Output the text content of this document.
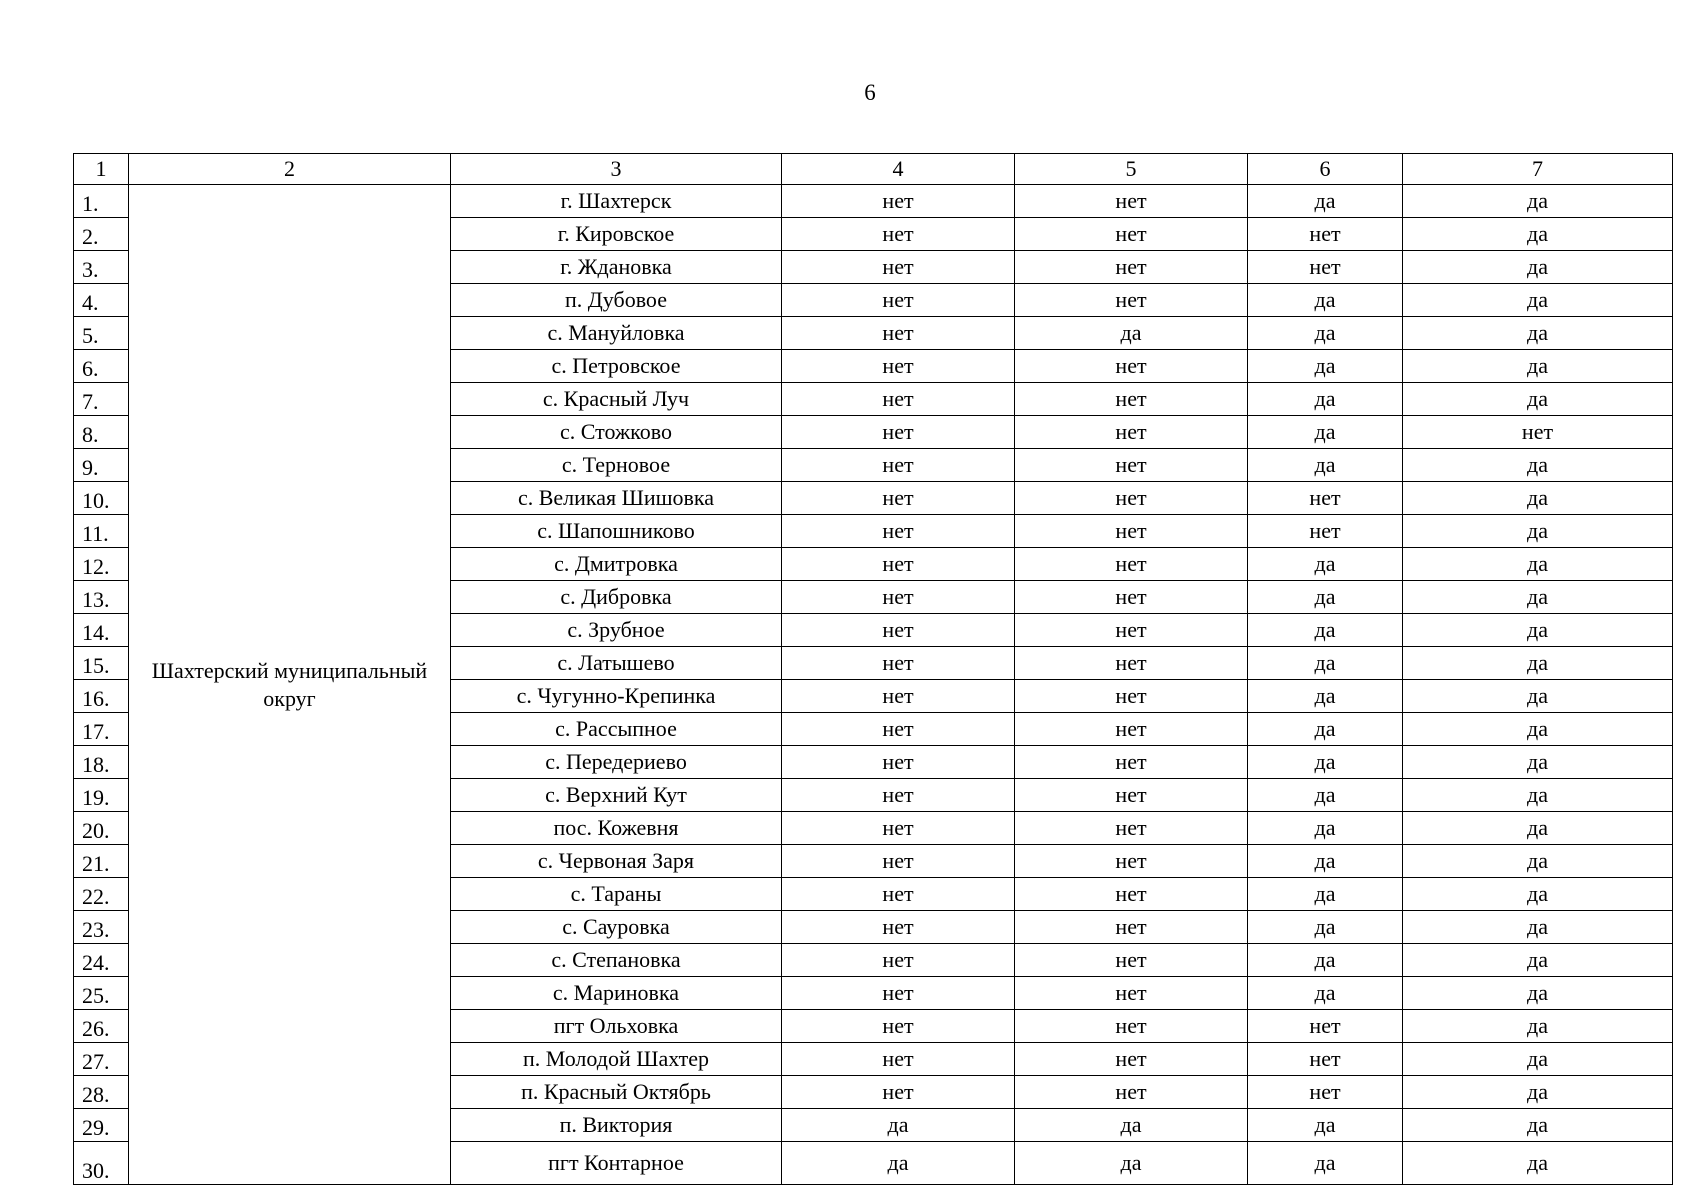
6
1	2	3	4	5	6	7
1.	Шахтерский муниципальный округ	г. Шахтерск	нет	нет	да	да
2.		г. Кировское	нет	нет	нет	да
3.		г. Ждановка	нет	нет	нет	да
4.		п. Дубовое	нет	нет	да	да
5.		с. Мануйловка	нет	да	да	да
6.		с. Петровское	нет	нет	да	да
7.		с. Красный Луч	нет	нет	да	да
8.		с. Стожково	нет	нет	да	нет
9.		с. Терновое	нет	нет	да	да
10.		с. Великая Шишовка	нет	нет	нет	да
11.		с. Шапошниково	нет	нет	нет	да
12.		с. Дмитровка	нет	нет	да	да
13.		с. Дибровка	нет	нет	да	да
14.		с. Зрубное	нет	нет	да	да
15.		с. Латышево	нет	нет	да	да
16.		с. Чугунно-Крепинка	нет	нет	да	да
17.		с. Рассыпное	нет	нет	да	да
18.		с. Передериево	нет	нет	да	да
19.		с. Верхний Кут	нет	нет	да	да
20.		пос. Кожевня	нет	нет	да	да
21.		с. Червоная Заря	нет	нет	да	да
22.		с. Тараны	нет	нет	да	да
23.		с. Сауровка	нет	нет	да	да
24.		с. Степановка	нет	нет	да	да
25.		с. Мариновка	нет	нет	да	да
26.		пгт Ольховка	нет	нет	нет	да
27.		п. Молодой Шахтер	нет	нет	нет	да
28.		п. Красный Октябрь	нет	нет	нет	да
29.		п. Виктория	да	да	да	да
30.		пгт Контарное	да	да	да	да
